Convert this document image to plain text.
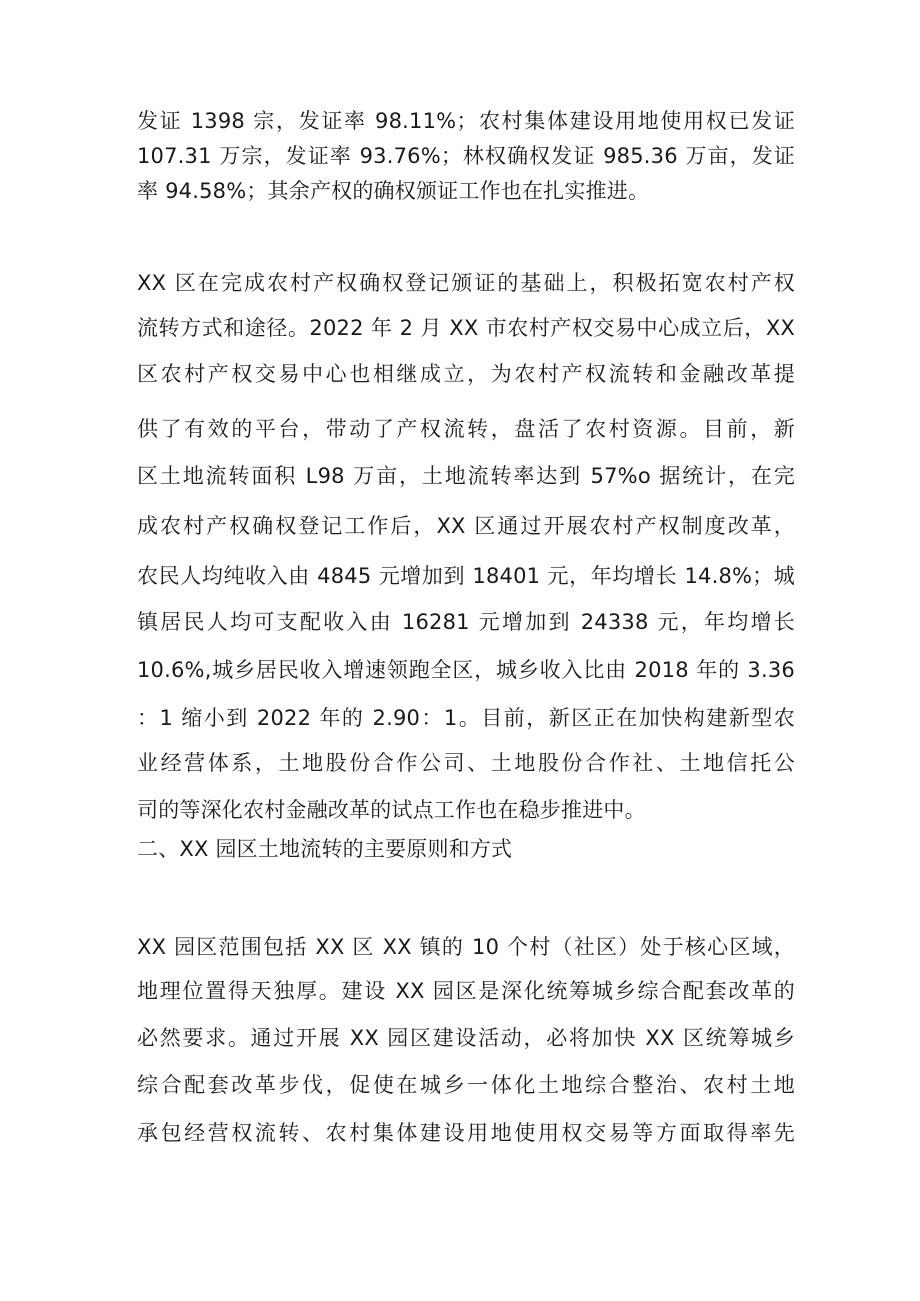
发证 1398 宗，发证率 98.11%；农村集体建设用地使用权已发证
107.31 万宗，发证率 93.76%；林权确权发证 985.36 万亩，发证
率 94.58%；其余产权的确权颁证工作也在扎实推进。
XX 区在完成农村产权确权登记颁证的基础上，积极拓宽农村产权
流转方式和途径。2022 年 2 月 XX 市农村产权交易中心成立后，XX
区农村产权交易中心也相继成立，为农村产权流转和金融改革提
供了有效的平台，带动了产权流转，盘活了农村资源。目前，新
区土地流转面积 L98 万亩，土地流转率达到 57%o 据统计，在完
成农村产权确权登记工作后，XX 区通过开展农村产权制度改革，
农民人均纯收入由 4845 元增加到 18401 元，年均增长 14.8%；城
镇居民人均可支配收入由 16281 元增加到 24338 元，年均增长
10.6%,城乡居民收入增速领跑全区，城乡收入比由 2018 年的 3.36
：1 缩小到 2022 年的 2.90：1。目前，新区正在加快构建新型农
业经营体系，土地股份合作公司、土地股份合作社、土地信托公
司的等深化农村金融改革的试点工作也在稳步推进中。
二、XX 园区土地流转的主要原则和方式
XX 园区范围包括 XX 区 XX 镇的 10 个村（社区）处于核心区域，
地理位置得天独厚。建设 XX 园区是深化统筹城乡综合配套改革的
必然要求。通过开展 XX 园区建设活动，必将加快 XX 区统筹城乡
综合配套改革步伐，促使在城乡一体化土地综合整治、农村土地
承包经营权流转、农村集体建设用地使用权交易等方面取得率先
